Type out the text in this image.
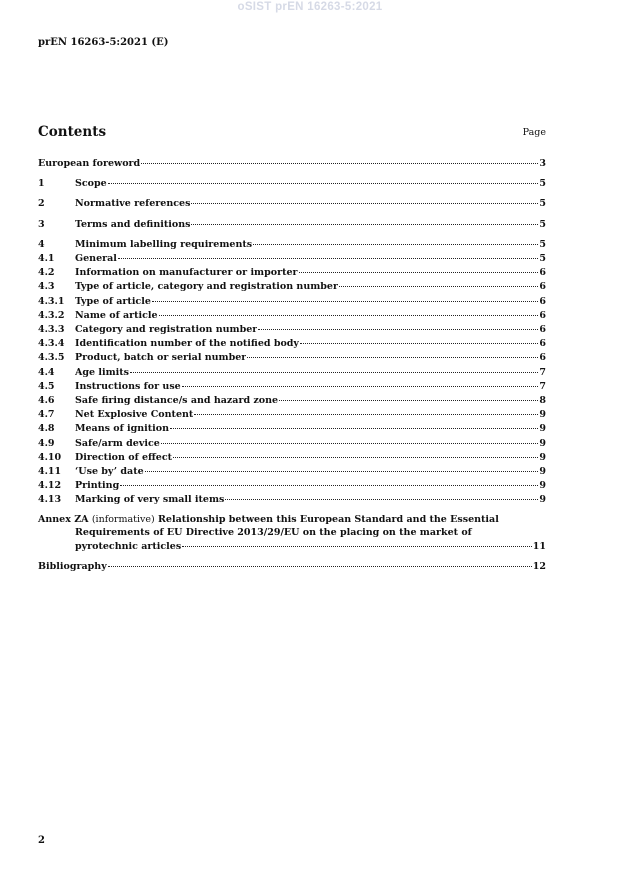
oSIST prEN 16263-5:2021
prEN 16263-5:2021 (E)
Contents	Page
European foreword	3
1	Scope	5
2	Normative references	5
3	Terms and definitions	5
4	Minimum labelling requirements	5
4.1	General	5
4.2	Information on manufacturer or importer	6
4.3	Type of article, category and registration number	6
4.3.1	Type of article	6
4.3.2	Name of article	6
4.3.3	Category and registration number	6
4.3.4	Identification number of the notified body	6
4.3.5	Product, batch or serial number	6
4.4	Age limits	7
4.5	Instructions for use	7
4.6	Safe firing distance/s and hazard zone	8
4.7	Net Explosive Content	9
4.8	Means of ignition	9
4.9	Safe/arm device	9
4.10	Direction of effect	9
4.11	‘Use by’ date	9
4.12	Printing	9
4.13	Marking of very small items	9
Annex ZA (informative) Relationship between this European Standard and the Essential
Requirements of EU Directive 2013/29/EU on the placing on the market of
pyrotechnic articles	11
Bibliography	12
2
